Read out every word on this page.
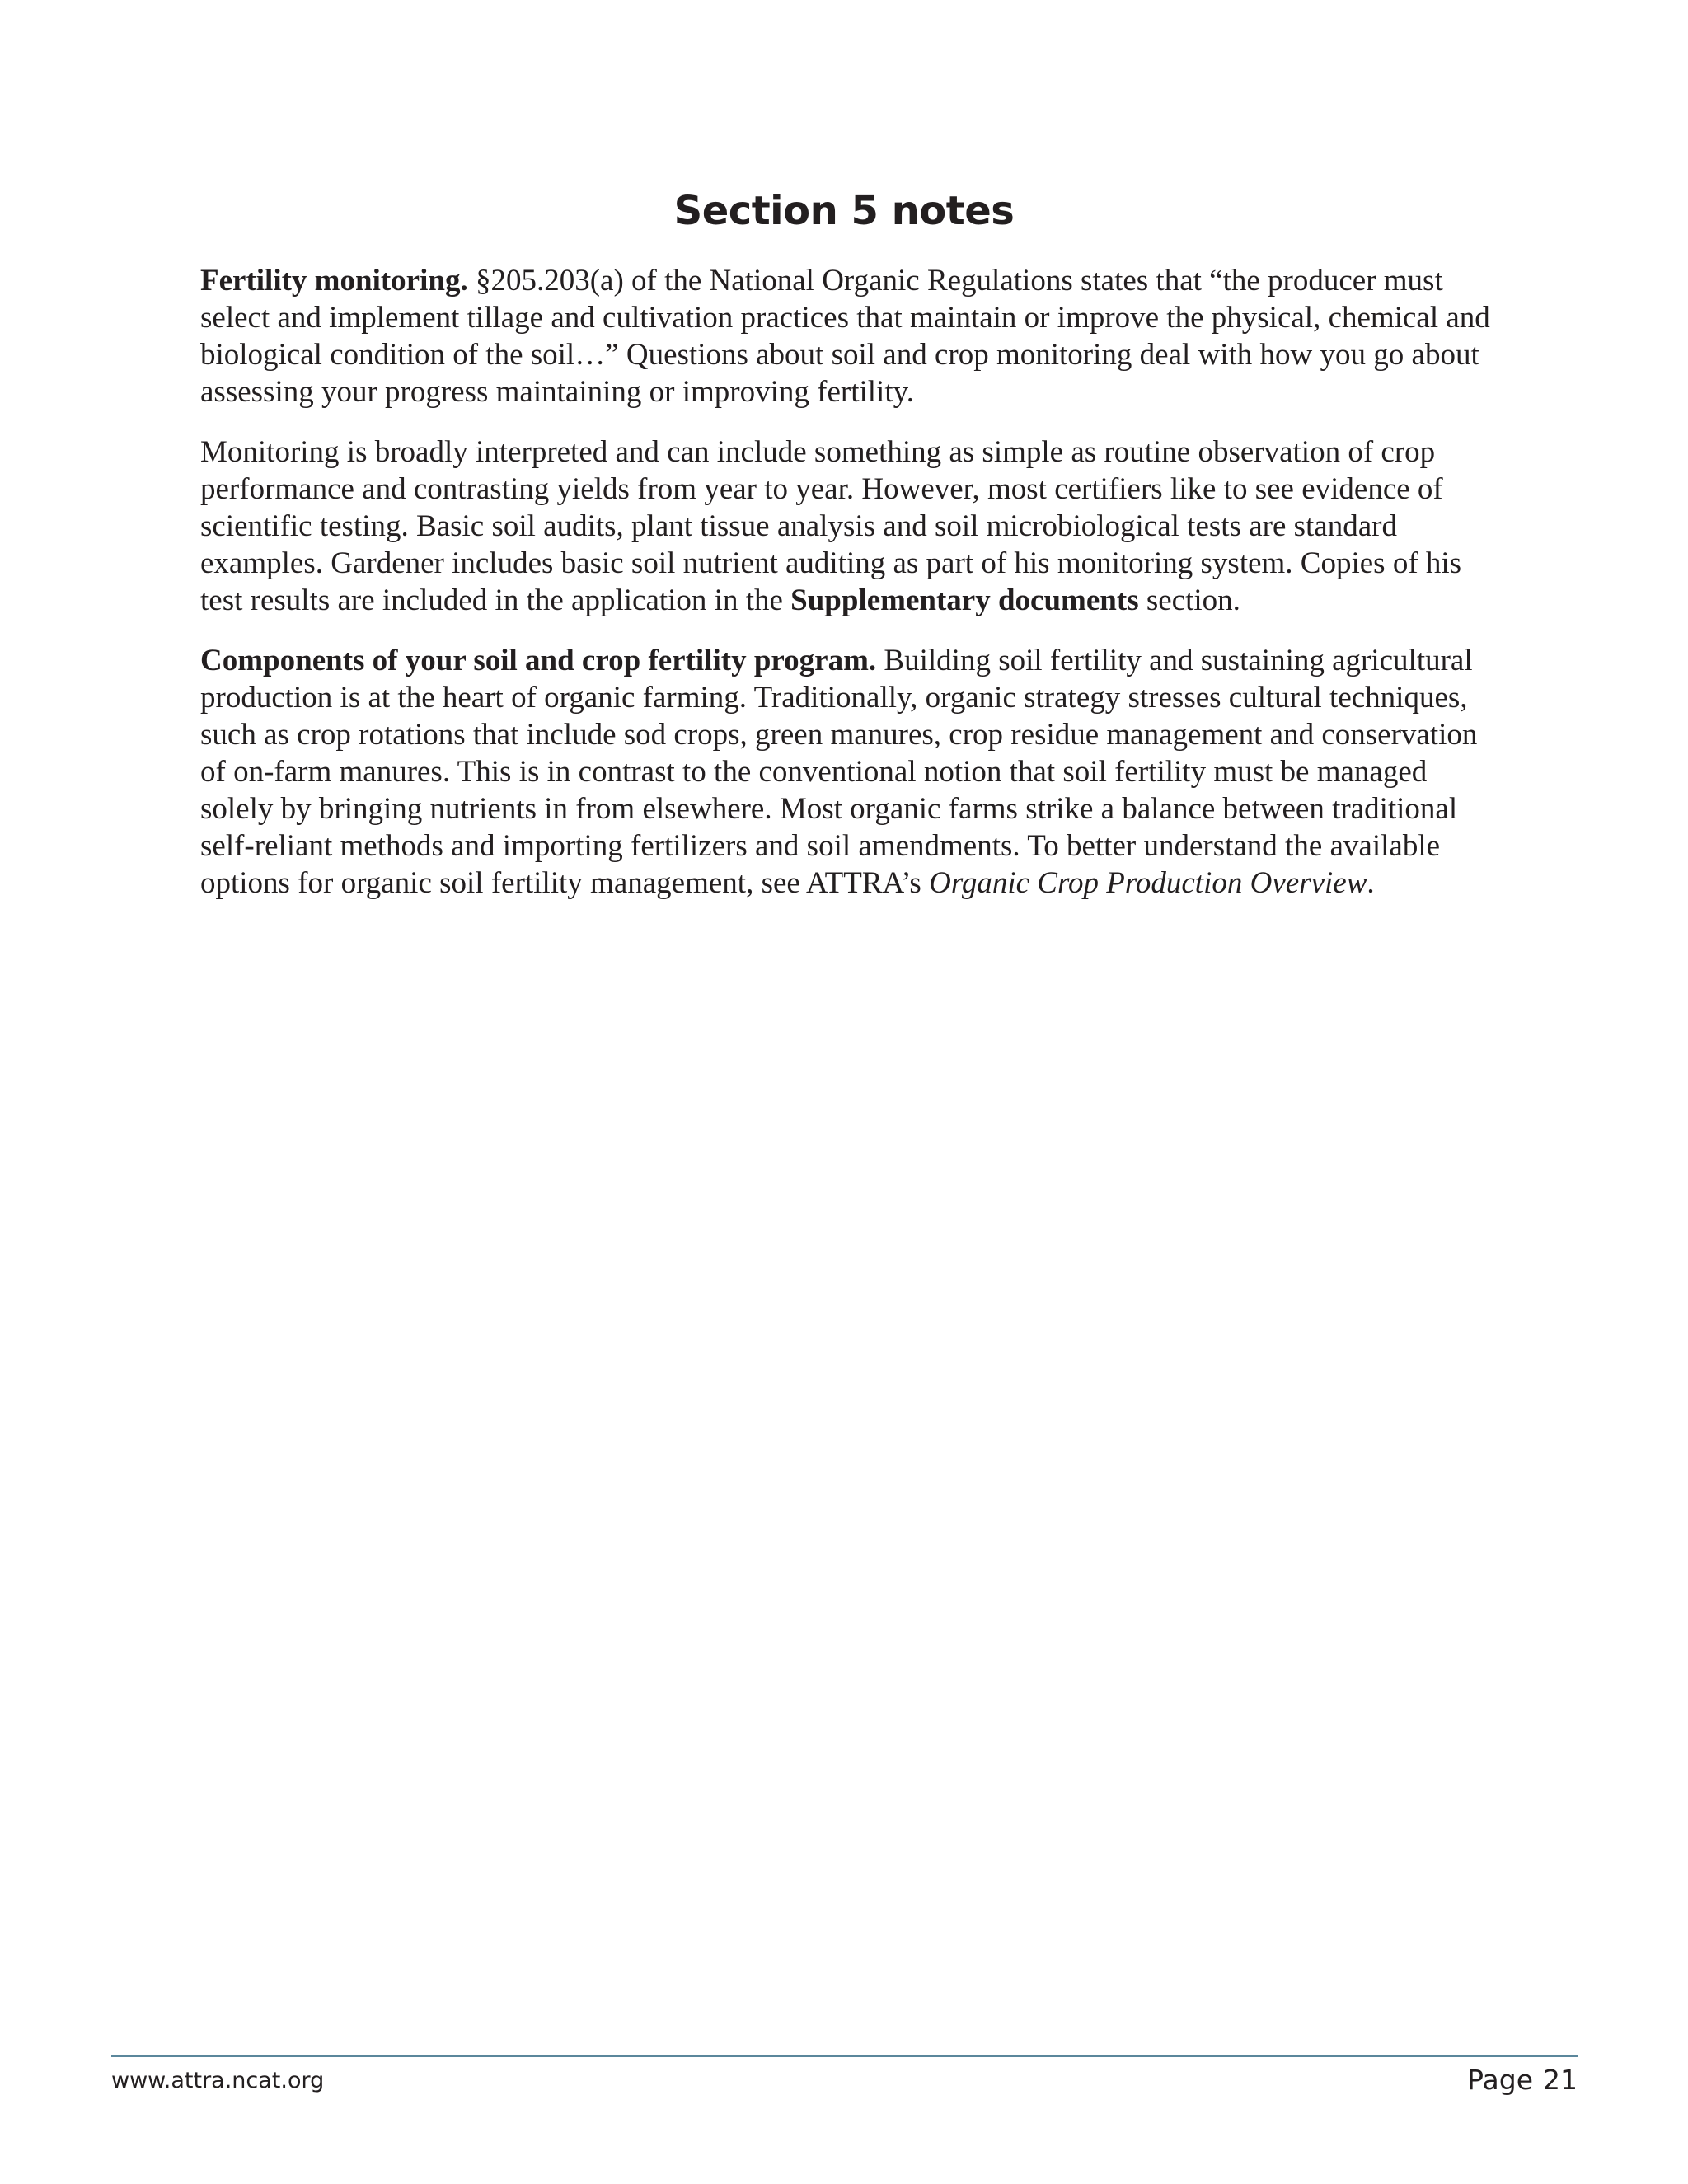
Section 5 notes

Fertility monitoring. §205.203(a) of the National Organic Regulations states that “the producer must select and implement tillage and cultivation practices that maintain or improve the physical, chemical and biological condition of the soil…” Questions about soil and crop monitoring deal with how you go about assessing your progress maintaining or improving fertility.

Monitoring is broadly interpreted and can include something as simple as routine observation of crop performance and contrasting yields from year to year. However, most certifiers like to see evidence of scientific testing. Basic soil audits, plant tissue analysis and soil microbiological tests are standard examples. Gardener includes basic soil nutrient auditing as part of his monitoring system. Copies of his test results are included in the application in the Supplementary documents section.

Components of your soil and crop fertility program. Building soil fertility and sustaining agricultural production is at the heart of organic farming. Traditionally, organic strategy stresses cultural techniques, such as crop rotations that include sod crops, green manures, crop residue management and conservation of on-farm manures. This is in contrast to the conventional notion that soil fertility must be managed solely by bringing nutrients in from elsewhere. Most organic farms strike a balance between traditional self-reliant methods and importing fertilizers and soil amendments. To better understand the available options for organic soil fertility management, see ATTRA’s Organic Crop Production Overview.

www.attra.ncat.org	Page 21
